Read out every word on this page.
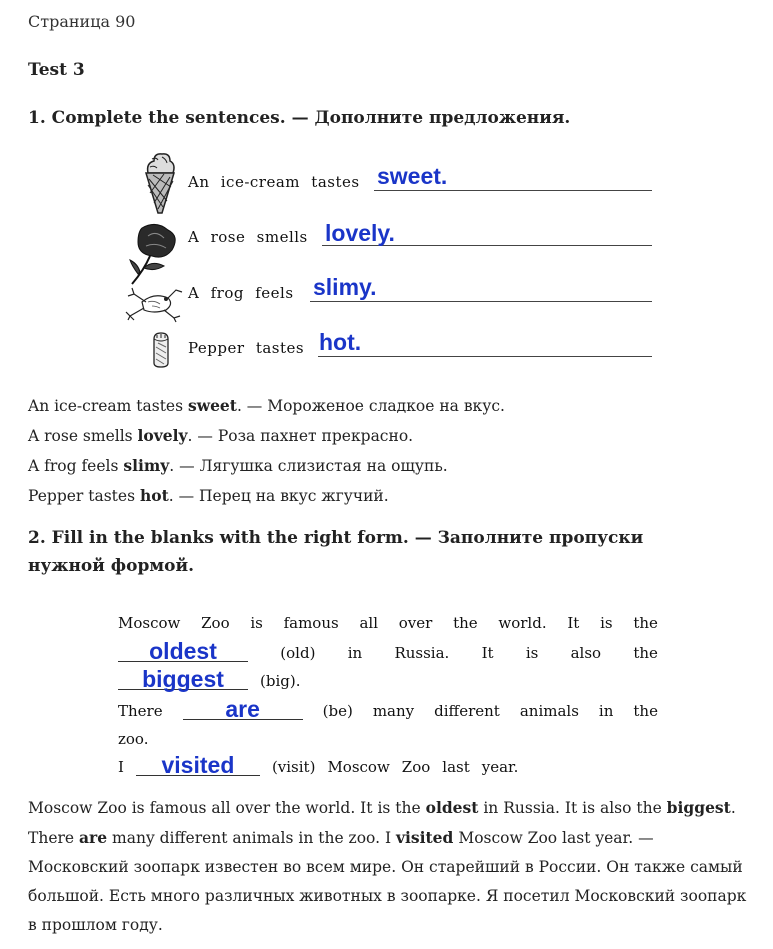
Страница 90
Test 3
1. Complete the sentences. — Дополните предложения.
An ice-cream tastes sweet.
A rose smells lovely.
A frog feels slimy.
Pepper tastes hot.
An ice-cream tastes sweet. — Мороженое сладкое на вкус.
A rose smells lovely. — Роза пахнет прекрасно.
A frog feels slimy. — Лягушка слизистая на ощупь.
Pepper tastes hot. — Перец на вкус жгучий.
2. Fill in the blanks with the right form. — Заполните пропуски нужной формой.
Moscow Zoo is famous all over the world. It is the
oldest	(old) in Russia. It is also the
biggest	(big).
There	are	(be) many different animals in the
zoo.
I	visited	(visit) Moscow Zoo last year.
Moscow Zoo is famous all over the world. It is the oldest in Russia. It is also the biggest. There are many different animals in the zoo. I visited Moscow Zoo last year. — Московский зоопарк известен во всем мире. Он старейший в России. Он также самый большой. Есть много различных животных в зоопарке. Я посетил Московский зоопарк в прошлом году.
